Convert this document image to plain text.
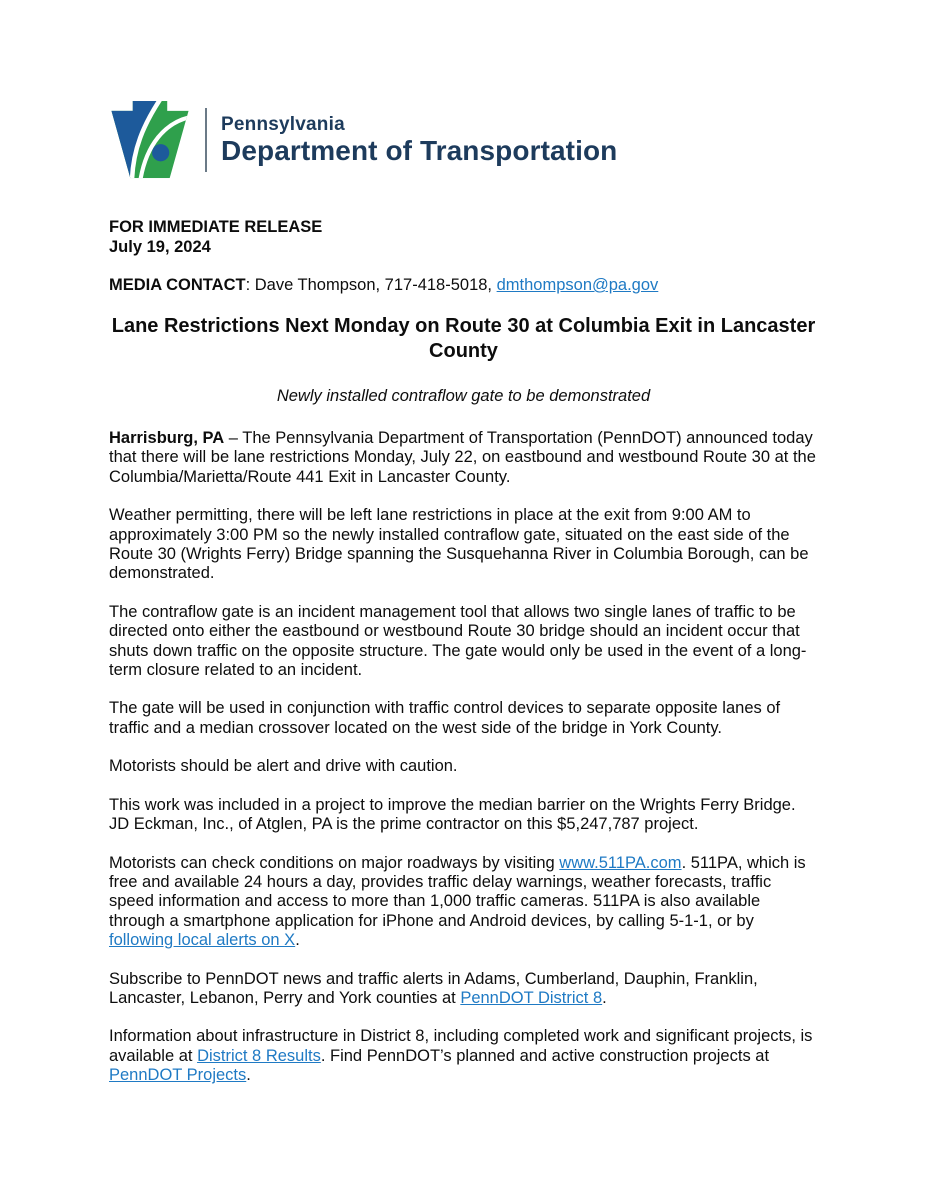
Pennsylvania
Department of Transportation

FOR IMMEDIATE RELEASE

July 19, 2024

MEDIA CONTACT: Dave Thompson, 717-418-5018, dmthompson@pa.gov

Lane Restrictions Next Monday on Route 30 at Columbia Exit in Lancaster County

Newly installed contraflow gate to be demonstrated

Harrisburg, PA – The Pennsylvania Department of Transportation (PennDOT) announced today that there will be lane restrictions Monday, July 22, on eastbound and westbound Route 30 at the Columbia/Marietta/Route 441 Exit in Lancaster County.

Weather permitting, there will be left lane restrictions in place at the exit from 9:00 AM to approximately 3:00 PM so the newly installed contraflow gate, situated on the east side of the Route 30 (Wrights Ferry) Bridge spanning the Susquehanna River in Columbia Borough, can be demonstrated.

The contraflow gate is an incident management tool that allows two single lanes of traffic to be directed onto either the eastbound or westbound Route 30 bridge should an incident occur that shuts down traffic on the opposite structure. The gate would only be used in the event of a long-term closure related to an incident.

The gate will be used in conjunction with traffic control devices to separate opposite lanes of traffic and a median crossover located on the west side of the bridge in York County.

Motorists should be alert and drive with caution.

This work was included in a project to improve the median barrier on the Wrights Ferry Bridge. JD Eckman, Inc., of Atglen, PA is the prime contractor on this $5,247,787 project.

Motorists can check conditions on major roadways by visiting www.511PA.com. 511PA, which is free and available 24 hours a day, provides traffic delay warnings, weather forecasts, traffic speed information and access to more than 1,000 traffic cameras. 511PA is also available through a smartphone application for iPhone and Android devices, by calling 5-1-1, or by following local alerts on X.

Subscribe to PennDOT news and traffic alerts in Adams, Cumberland, Dauphin, Franklin, Lancaster, Lebanon, Perry and York counties at PennDOT District 8.

Information about infrastructure in District 8, including completed work and significant projects, is available at District 8 Results. Find PennDOT’s planned and active construction projects at PennDOT Projects.
